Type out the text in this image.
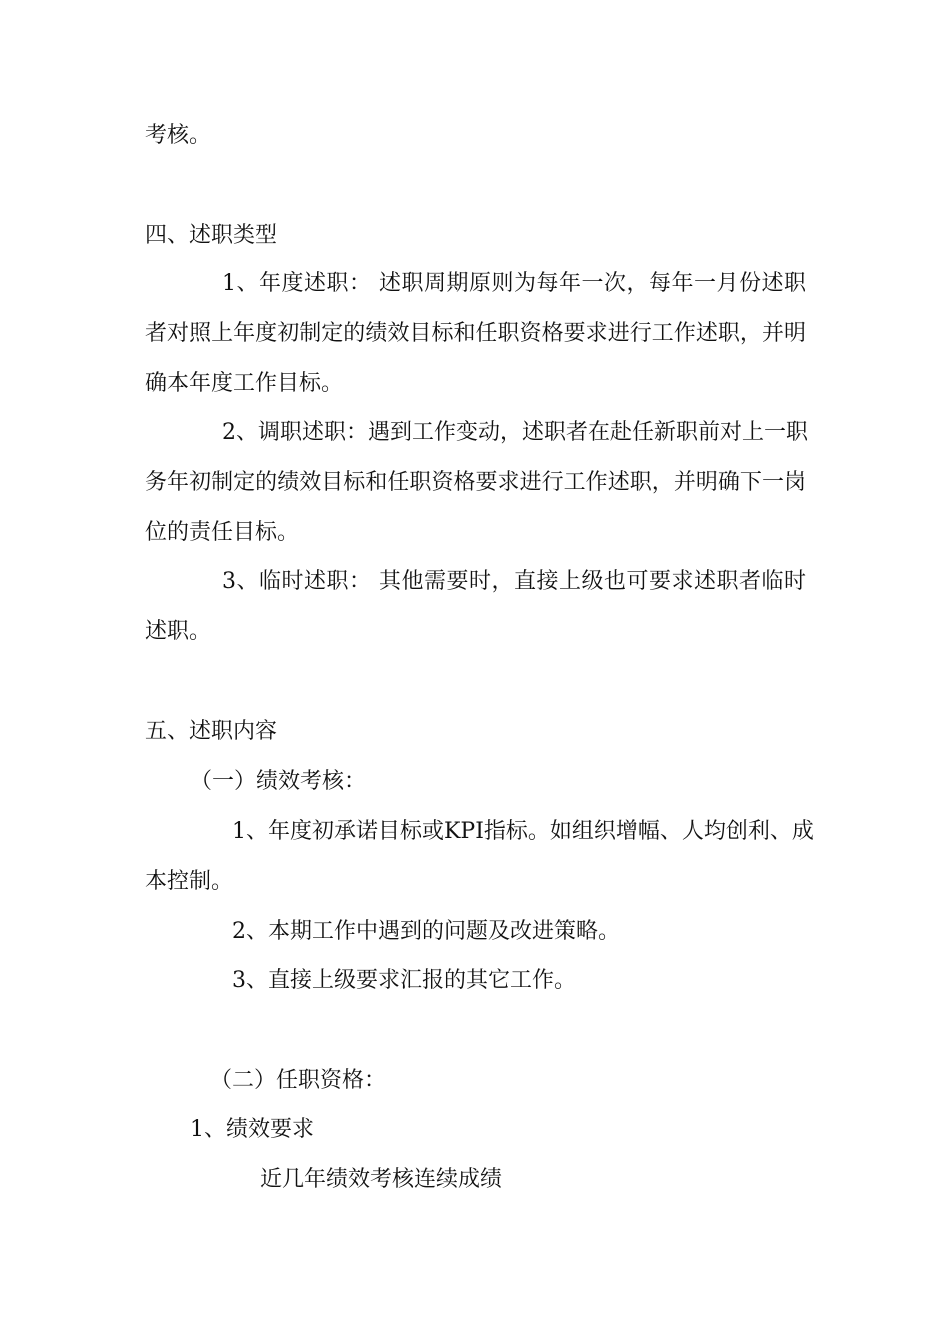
考核。
四、述职类型
1、年度述职： 述职周期原则为每年一次，每年一月份述职
者对照上年度初制定的绩效目标和任职资格要求进行工作述职，并明
确本年度工作目标。
2、调职述职：遇到工作变动，述职者在赴任新职前对上一职
务年初制定的绩效目标和任职资格要求进行工作述职，并明确下一岗
位的责任目标。
3、临时述职： 其他需要时，直接上级也可要求述职者临时
述职。
五、述职内容
（一）绩效考核：
1、年度初承诺目标或KPI指标。如组织增幅、人均创利、成
本控制。
2、本期工作中遇到的问题及改进策略。
3、直接上级要求汇报的其它工作。
（二）任职资格：
1、绩效要求
近几年绩效考核连续成绩
